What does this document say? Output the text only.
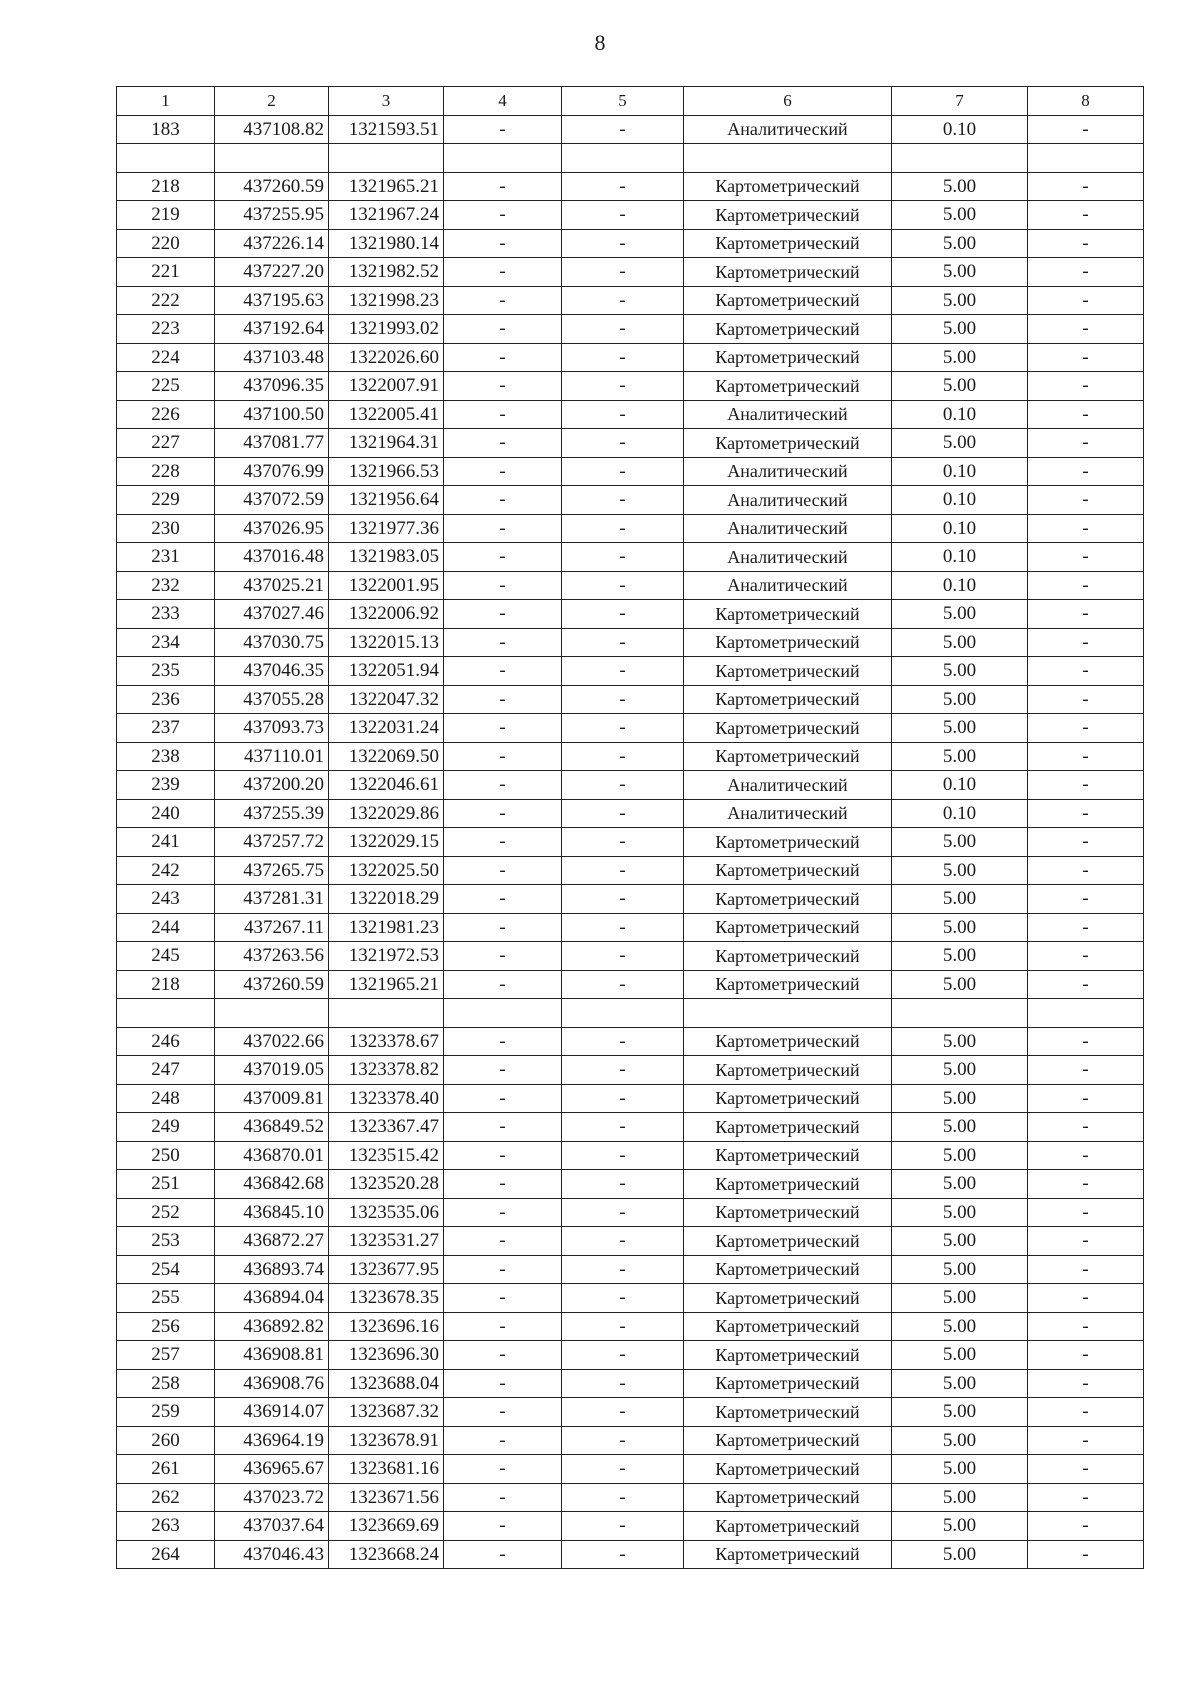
8
1	2	3	4	5	6	7	8
183	437108.82	1321593.51	-	-	Аналитический	0.10	-

218	437260.59	1321965.21	-	-	Картометрический	5.00	-
219	437255.95	1321967.24	-	-	Картометрический	5.00	-
220	437226.14	1321980.14	-	-	Картометрический	5.00	-
221	437227.20	1321982.52	-	-	Картометрический	5.00	-
222	437195.63	1321998.23	-	-	Картометрический	5.00	-
223	437192.64	1321993.02	-	-	Картометрический	5.00	-
224	437103.48	1322026.60	-	-	Картометрический	5.00	-
225	437096.35	1322007.91	-	-	Картометрический	5.00	-
226	437100.50	1322005.41	-	-	Аналитический	0.10	-
227	437081.77	1321964.31	-	-	Картометрический	5.00	-
228	437076.99	1321966.53	-	-	Аналитический	0.10	-
229	437072.59	1321956.64	-	-	Аналитический	0.10	-
230	437026.95	1321977.36	-	-	Аналитический	0.10	-
231	437016.48	1321983.05	-	-	Аналитический	0.10	-
232	437025.21	1322001.95	-	-	Аналитический	0.10	-
233	437027.46	1322006.92	-	-	Картометрический	5.00	-
234	437030.75	1322015.13	-	-	Картометрический	5.00	-
235	437046.35	1322051.94	-	-	Картометрический	5.00	-
236	437055.28	1322047.32	-	-	Картометрический	5.00	-
237	437093.73	1322031.24	-	-	Картометрический	5.00	-
238	437110.01	1322069.50	-	-	Картометрический	5.00	-
239	437200.20	1322046.61	-	-	Аналитический	0.10	-
240	437255.39	1322029.86	-	-	Аналитический	0.10	-
241	437257.72	1322029.15	-	-	Картометрический	5.00	-
242	437265.75	1322025.50	-	-	Картометрический	5.00	-
243	437281.31	1322018.29	-	-	Картометрический	5.00	-
244	437267.11	1321981.23	-	-	Картометрический	5.00	-
245	437263.56	1321972.53	-	-	Картометрический	5.00	-
218	437260.59	1321965.21	-	-	Картометрический	5.00	-

246	437022.66	1323378.67	-	-	Картометрический	5.00	-
247	437019.05	1323378.82	-	-	Картометрический	5.00	-
248	437009.81	1323378.40	-	-	Картометрический	5.00	-
249	436849.52	1323367.47	-	-	Картометрический	5.00	-
250	436870.01	1323515.42	-	-	Картометрический	5.00	-
251	436842.68	1323520.28	-	-	Картометрический	5.00	-
252	436845.10	1323535.06	-	-	Картометрический	5.00	-
253	436872.27	1323531.27	-	-	Картометрический	5.00	-
254	436893.74	1323677.95	-	-	Картометрический	5.00	-
255	436894.04	1323678.35	-	-	Картометрический	5.00	-
256	436892.82	1323696.16	-	-	Картометрический	5.00	-
257	436908.81	1323696.30	-	-	Картометрический	5.00	-
258	436908.76	1323688.04	-	-	Картометрический	5.00	-
259	436914.07	1323687.32	-	-	Картометрический	5.00	-
260	436964.19	1323678.91	-	-	Картометрический	5.00	-
261	436965.67	1323681.16	-	-	Картометрический	5.00	-
262	437023.72	1323671.56	-	-	Картометрический	5.00	-
263	437037.64	1323669.69	-	-	Картометрический	5.00	-
264	437046.43	1323668.24	-	-	Картометрический	5.00	-
